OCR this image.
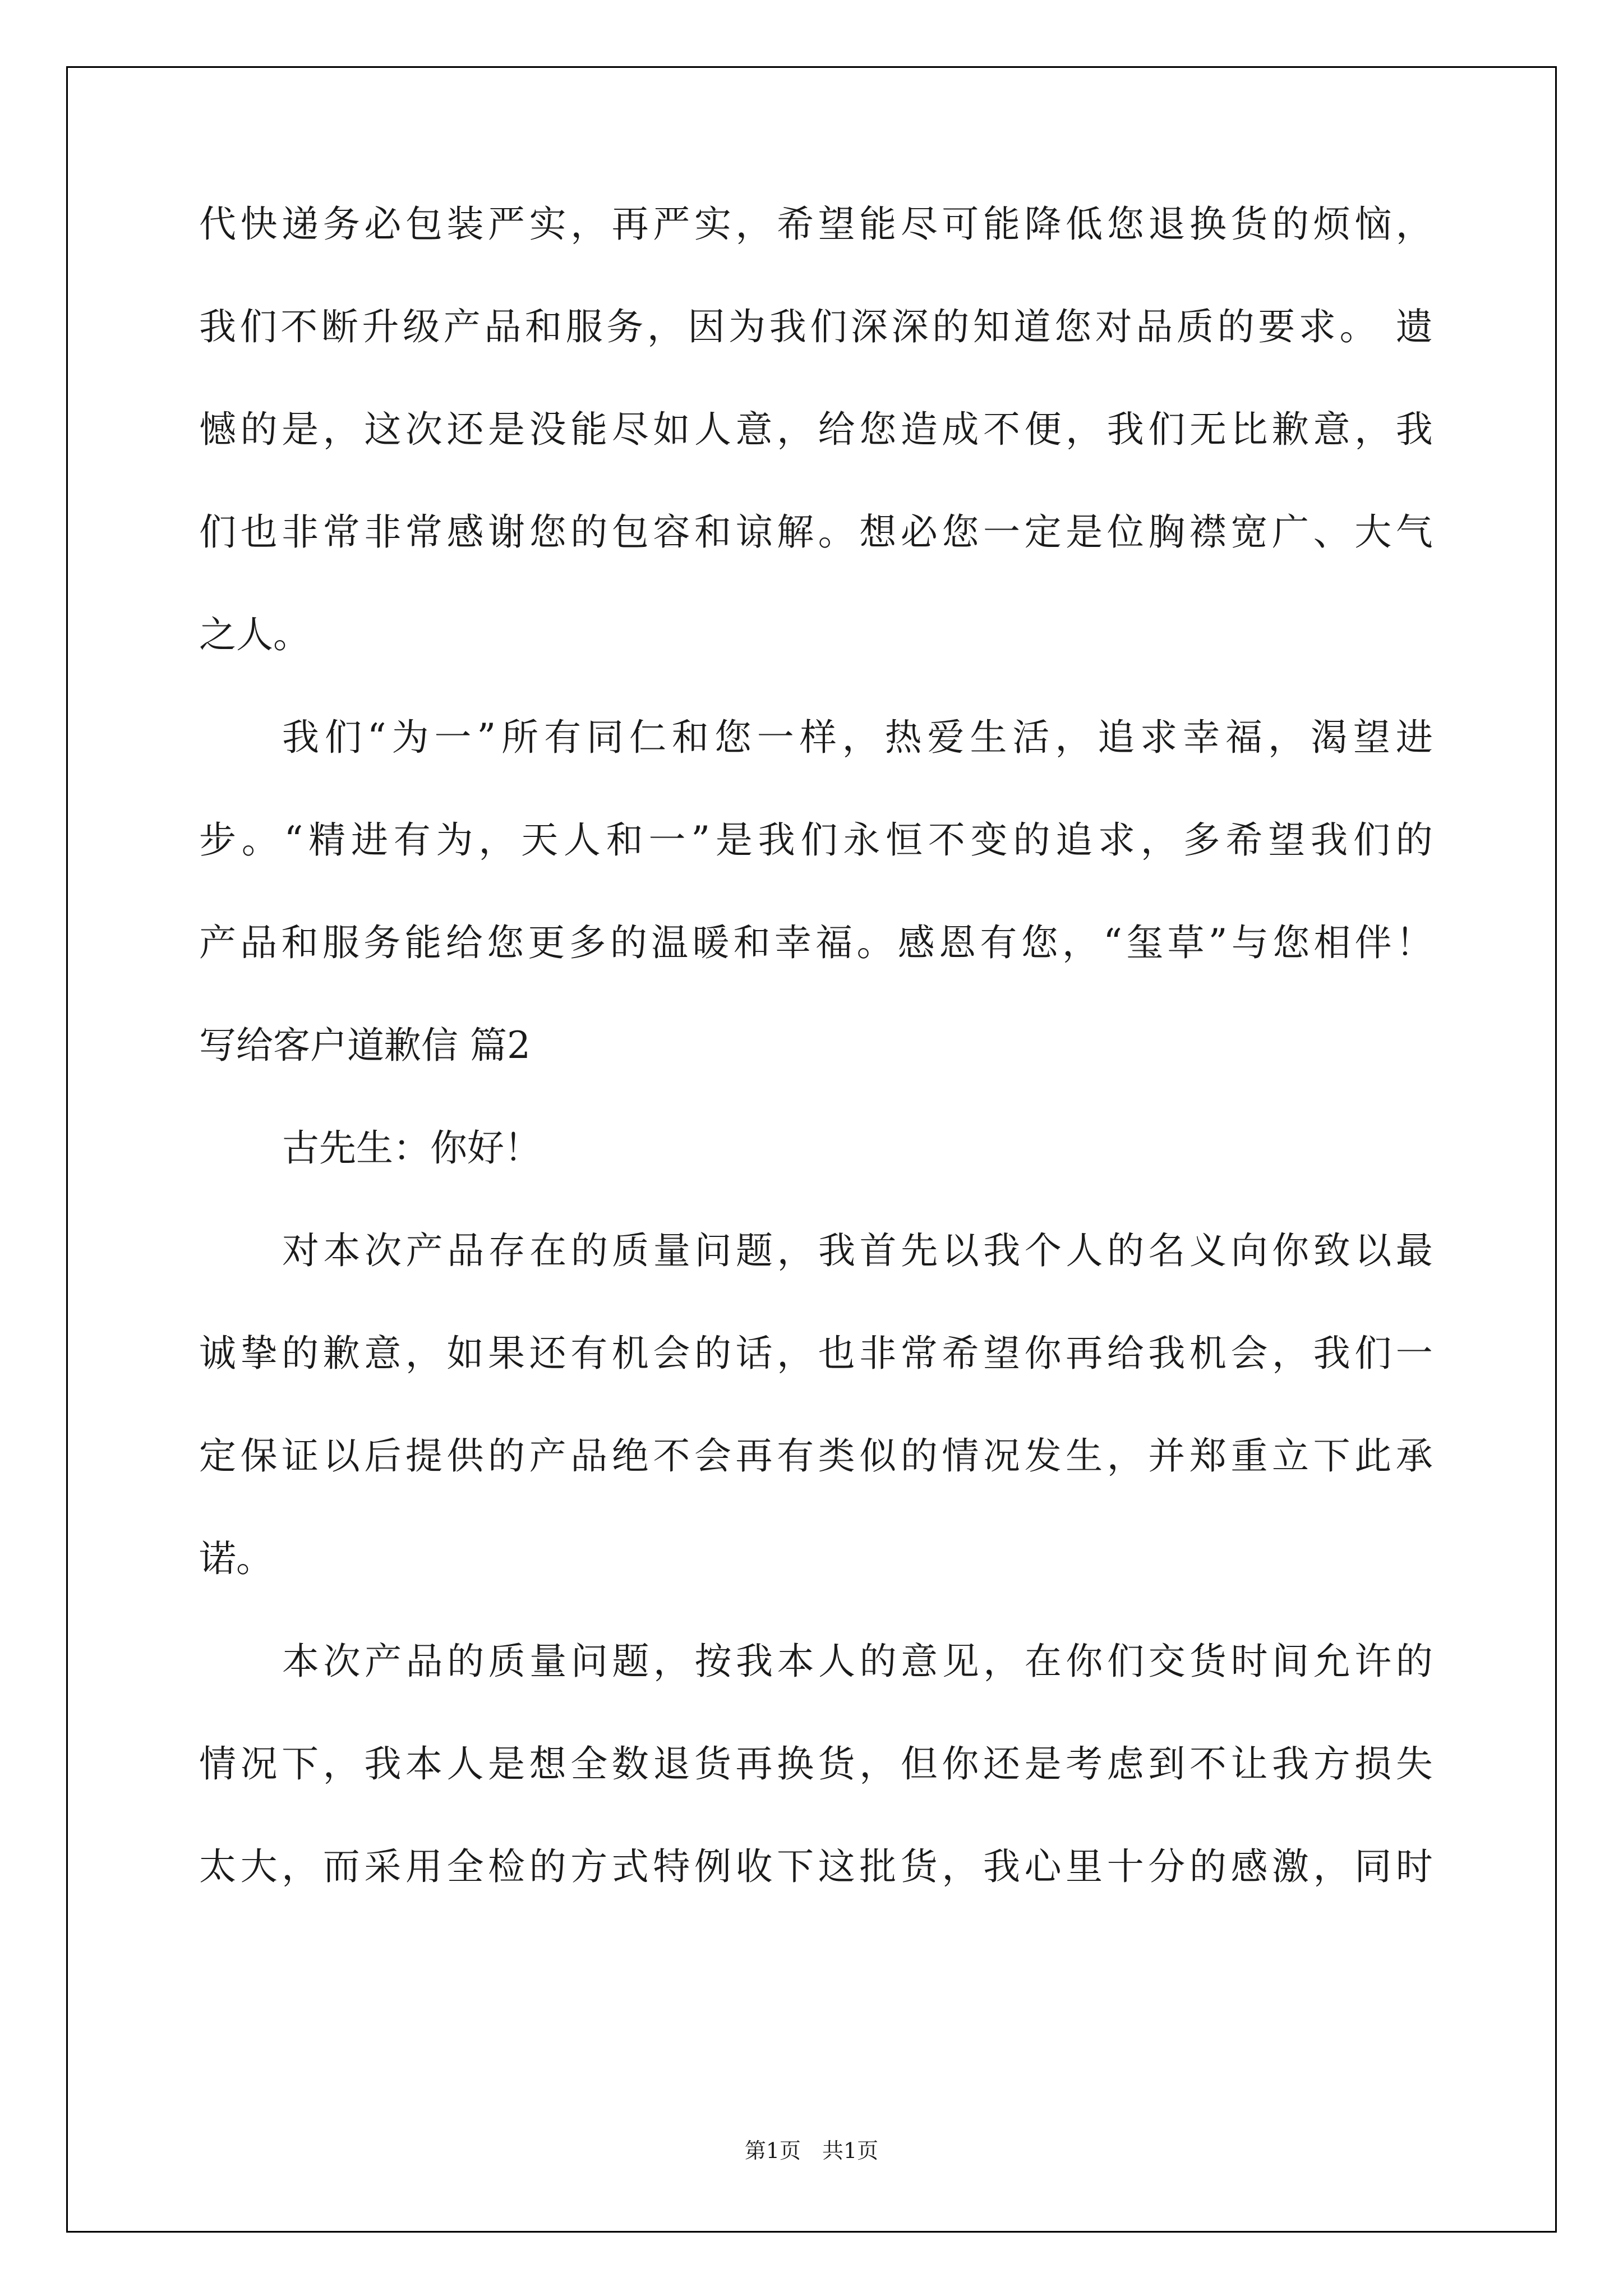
代 快 递 务 必 包 装 严 实 ， 再 严 实 ， 希 望 能 尽 可 能 降 低 您 退 换 货 的 烦 恼 ，
我 们 不 断 升 级 产 品 和 服 务 ， 因 为 我 们 深 深 的 知 道 您 对 品 质 的 要 求 。
遗
憾 的 是 ， 这 次 还 是 没 能 尽 如 人 意 ， 给 您 造 成 不 便 ， 我 们 无 比 歉 意 ， 我
们 也 非 常 非 常 感 谢 您 的 包 容 和 谅 解 。 想 必 您 一 定 是 位 胸 襟 宽 广 、 大 气
之人。
我 们 “ 为 一 ” 所 有 同 仁 和 您 一 样 ， 热 爱 生 活 ， 追 求 幸 福 ， 渴 望 进
步 。 “ 精 进 有 为 ， 天 人 和 一 ” 是 我 们 永 恒 不 变 的 追 求 ， 多 希 望 我 们 的
产 品 和 服 务 能 给 您 更 多 的 温 暖 和 幸 福 。 感 恩 有 您 ， “ 玺 草 ” 与 您 相 伴 ！
写给客户道歉信 篇2
古先生：你好！
对 本 次 产 品 存 在 的 质 量 问 题 ， 我 首 先 以 我 个 人 的 名 义 向 你 致 以 最
诚 挚 的 歉 意 ， 如 果 还 有 机 会 的 话 ， 也 非 常 希 望 你 再 给 我 机 会 ， 我 们 一
定 保 证 以 后 提 供 的 产 品 绝 不 会 再 有 类 似 的 情 况 发 生 ， 并 郑 重 立 下 此 承
诺。
本 次 产 品 的 质 量 问 题 ， 按 我 本 人 的 意 见 ， 在 你 们 交 货 时 间 允 许 的
情 况 下 ， 我 本 人 是 想 全 数 退 货 再 换 货 ， 但 你 还 是 考 虑 到 不 让 我 方 损 失
太 大 ， 而 采 用 全 检 的 方 式 特 例 收 下 这 批 货 ， 我 心 里 十 分 的 感 激 ， 同 时
第1页　共1页
